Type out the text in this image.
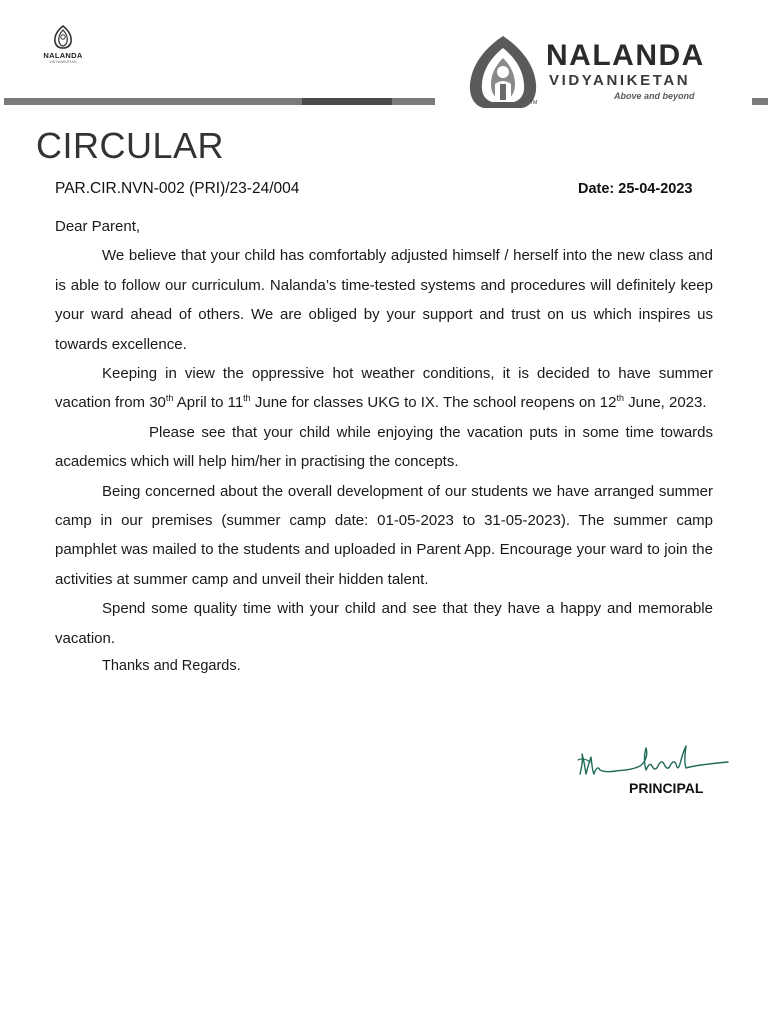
NALANDA
VIDYANIKETAN	NALANDA
VIDYANIKETAN
Above and beyond
TM
CIRCULAR
PAR.CIR.NVN-002 (PRI)/23-24/004	Date: 25-04-2023

Dear Parent,

We believe that your child has comfortably adjusted himself / herself into the new class and is able to follow our curriculum. Nalanda’s time-tested systems and procedures will definitely keep your ward ahead of others. We are obliged by your support and trust on us which inspires us towards excellence.

Keeping in view the oppressive hot weather conditions, it is decided to have summer vacation from 30th April to 11th June for classes UKG to IX. The school reopens on 12th June, 2023.

Please see that your child while enjoying the vacation puts in some time towards academics which will help him/her in practising the concepts.

Being concerned about the overall development of our students we have arranged summer camp in our premises (summer camp date: 01-05-2023 to 31-05-2023). The summer camp pamphlet was mailed to the students and uploaded in Parent App. Encourage your ward to join the activities at summer camp and unveil their hidden talent.

Spend some quality time with your child and see that they have a happy and memorable vacation.

Thanks and Regards.

PRINCIPAL
